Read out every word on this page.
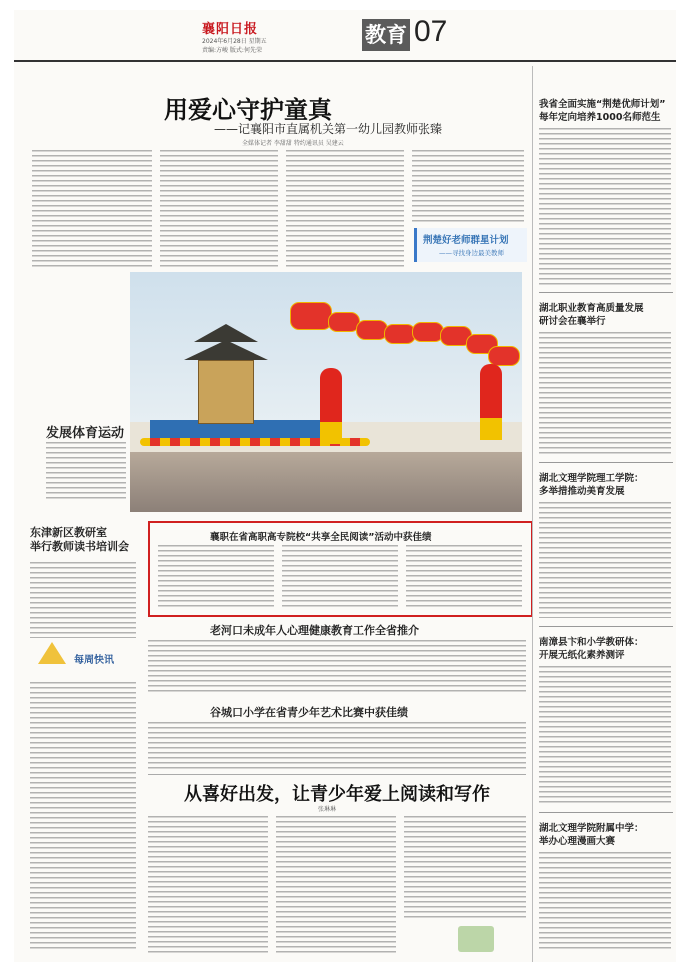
襄阳日报
2024年6月28日 星期五
责编:方峻 版式:何先荣
教育 07
用爱心守护童真
——记襄阳市直属机关第一幼儿园教师张臻
全媒体记者 李甜甜 特约通讯员 吴建云
荆楚好老师群星计划
——寻找身边最美教师
发展体育运动
襄职在省高职高专院校“共享全民阅读”活动中获佳绩
东津新区教研室
举行教师读书培训会
每周快讯
老河口未成年人心理健康教育工作全省推介
谷城口小学在省青少年艺术比赛中获佳绩
从喜好出发，让青少年爱上阅读和写作
张琳琳
我省全面实施“荆楚优师计划”
每年定向培养1000名师范生
湖北职业教育高质量发展
研讨会在襄举行
湖北文理学院理工学院：
多举措推动美育发展
南漳县卞和小学教研体：
开展无纸化素养测评
湖北文理学院附属中学：
举办心理漫画大赛
